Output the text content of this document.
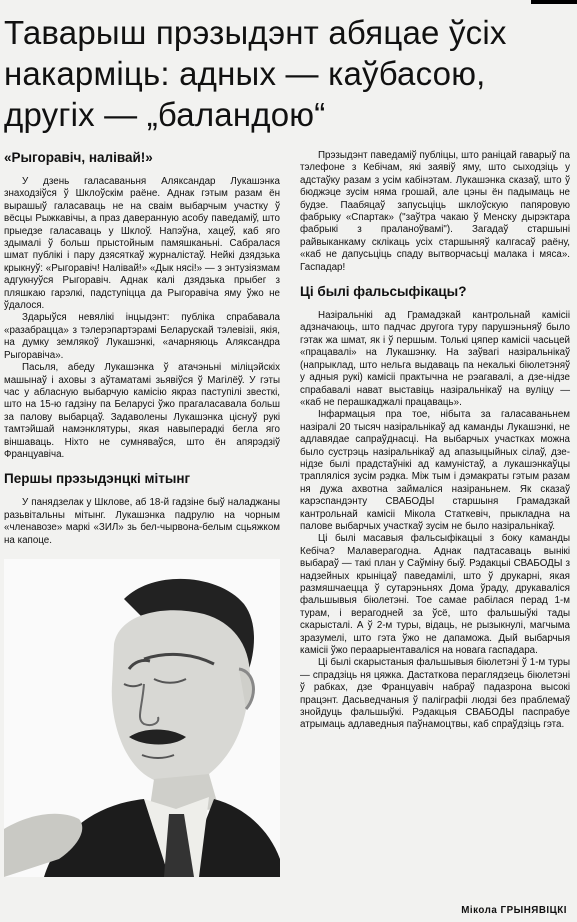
Таварыш прэзыдэнт абяцае ўсіх накарміць: адных — каўбасою, другіх — „баландою“
«Рыгоравіч, налівай!»

У дзень галасаваньня Аляксандар Лукашэнка знаходзіўся ў Шклоўскім раёне. Аднак гэтым разам ён вырашыў галасаваць не на сваім выбарчым участку ў вёсцы Рыжкавічы, а праз даверанную асобу паведаміў, што прыедзе галасаваць у Шклоў. Напэўна, хацеў, каб яго здымалі ў больш прыстойным памяшканьні. Сабралася шмат публікі і пару дзясяткаў журналістаў. Нейкі дзядзька крыкнуў: «Рыгоравіч! Налівай!» «Дык нясі!» — з энтузіязмам адгукнуўся Рыгоравіч. Аднак калі дзядзька прыбег з пляшкаю гарэлкі, падступіцца да Рыгоравіча яму ўжо не ўдалося.

Здарыўся невялікі інцыдэнт: публіка спрабавала «разабрацца» з тэлерэпартэрамі Беларускай тэлевізіі, якія, на думку землякоў Лукашэнкі, «ачарняюць Аляксандра Рыгоравіча».

Пасьля, абеду Лукашэнка ў атачэньні міліцэйскіх машынаў і аховы з аўтаматамі зьявіўся ў Магілёў. У гэты час у абласную выбарчую камісію якраз паступілі звесткі, што на 15-ю гадзіну па Беларусі ўжо прагаласавала больш за палову выбарцаў. Задаволены Лукашэнка ціснуў рукі тамтэйшай намэнклятуры, якая навыперадкі бегла яго віншаваць. Ніхто не сумняваўся, што ён апярэдзіў Француавіча.

Першы прэзыдэнцкі мітынг

У панядзелак у Шклове, аб 18-й гадзіне быў наладжаны разьвітальны мітынг. Лукашэнка падрулю на чорным «членавозе» маркі «ЗИЛ» зь бел-чырвона-белым сцьяжком на капоце.

Прэзыдэнт паведаміў публіцы, што раніцай гаварыў па тэлефоне з Кебічам, які заявіў яму, што сыходзіць у адстаўку разам з усім кабінэтам. Лукашэнка сказаў, што ў бюджэце зусім няма грошай, але цэны ён падымаць не будзе. Паабяцаў запусьціць шклоўскую папяровую фабрыку «Спартак» ("заўтра чакаю ў Менску дырэктара фабрыкі з праланоўвамі"). Загадаў старшыні райвыканкаму склікаць усіх старшыняў калгасаў раёну, «каб не дапусьціць спаду вытворчасьці малака і мяса». Гаспадар!

Ці былі фальсыфікацы?

Назіральнікі ад Грамадзкай кантрольнай камісіі адзначаюць, што падчас другога туру парушэньняў было гэтак жа шмат, як і ў першым. Толькі цяпер камісіі часьцей «працавалі» на Лукашэнку. На заўвагі назіральнікаў (напрыклад, што нельга выдаваць па некалькі біюлетэняў у адныя рукі) камісіі практычна не рэагавалі, а дзе-нідзе спрабавалі нават выставіць назіральнікаў на вуліцу — «каб не перашкаджалі працаваць».

Інфармацыя пра тое, нібыта за галасаваньнем назіралі 20 тысяч назіральнікаў ад каманды Лукашэнкі, не адлавядае сапраўднасці. На выбарчых участках можна было сустрэць назіральнікаў ад апазыцыйных сілаў, дзе-нідзе былі прадстаўнікі ад камуністаў, а лукашэнкаўцы трапляліся зусім рэдка. Між тым і дэмакраты гэтым разам ня дужа ахвотна займаліся назіраньнем. Як сказаў карэспандэнту СВАБОДЫ старшыня Грамадзкай кантрольнай камісіі Мікола Статкевіч, прыкладна на палове выбарчых участкаў зусім не было назіральнікаў.

Ці былі масавыя фальсыфікацыі з боку каманды Кебіча? Малаверагодна. Аднак падтасаваць вынікі выбараў — такі план у Саўміну быў. Рэдакцыі СВАБОДЫ з надзейных крыніцаў паведамілі, што ў друкарні, якая размяшчаецца ў сутарэньнях Дома ўраду, друкаваліся фальшывыя біюлетэні. Тое самае рабілася перад 1-м турам, і верагодней за ўсё, што фальшыўкі тады скарысталі. А ў 2-м туры, відаць, не рызыкнулі, магчыма зразумелі, што гэта ўжо не дапаможа. Дый выбарчыя камісіі ўжо пераарыентаваліся на новага гаспадара.

Ці былі скарыстаныя фальшывыя біюлетэні ў 1-м туры — спрадзіць ня цяжка. Дастаткова пераглядзець біюлетэні ў рабках, дзе Француавіч набраў падазрона высокі працэнт. Дасьведчаныя ў паліграфіі людзі без праблемаў знойдуць фальшыўкі. Рэдакцыя СВАБОДЫ паспрабуе атрымаць адлаведныя паўнамоцтвы, каб спраўдзіць гэта.

Мікола ГРЫНЯВІЦКІ
